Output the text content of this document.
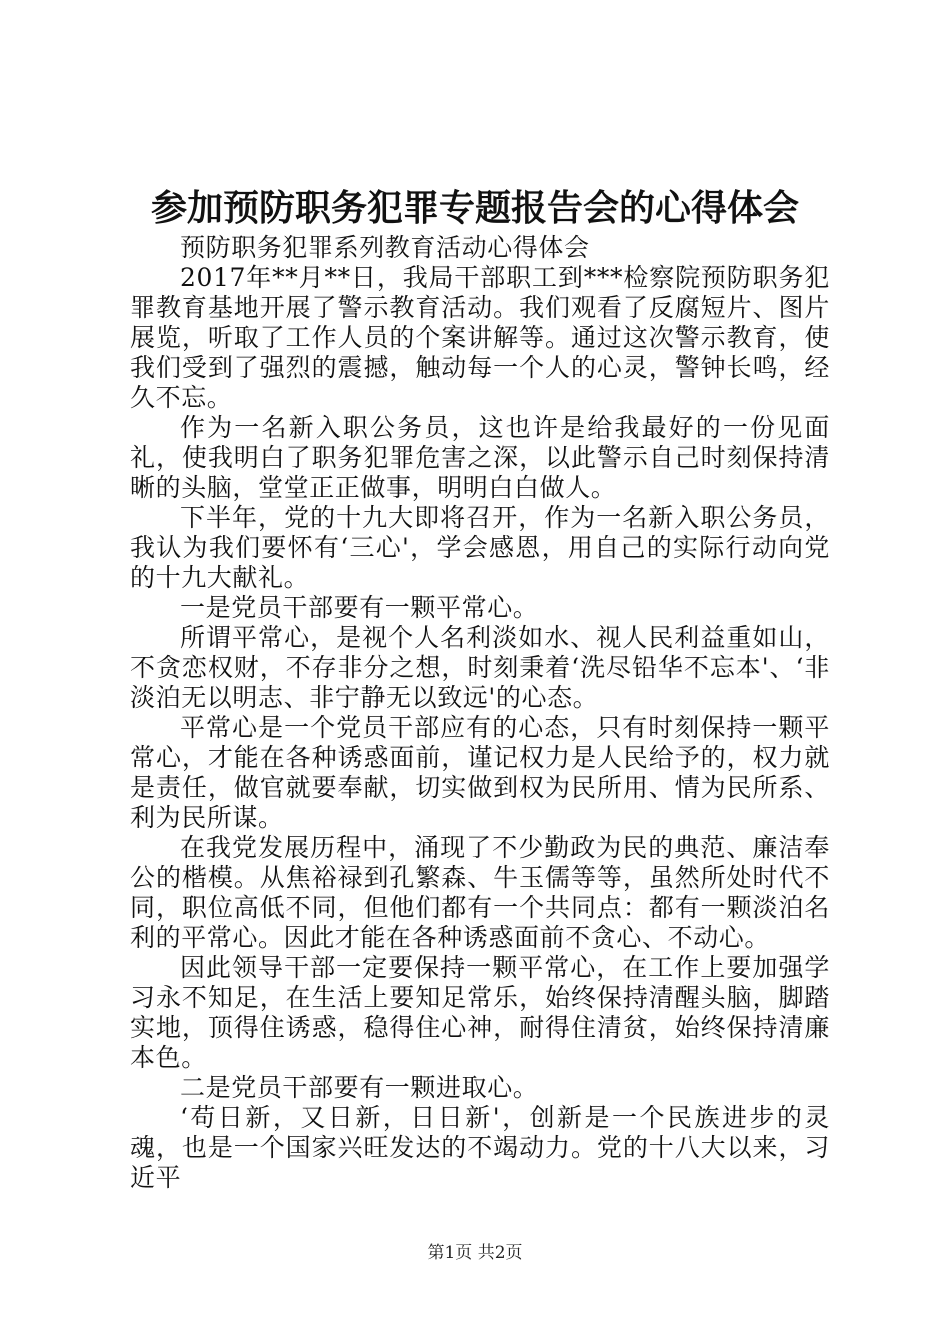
参加预防职务犯罪专题报告会的心得体会

预防职务犯罪系列教育活动心得体会

2017年**月**日，我局干部职工到***检察院预防职务犯罪教育基地开展了警示教育活动。我们观看了反腐短片、图片展览，听取了工作人员的个案讲解等。通过这次警示教育，使我们受到了强烈的震撼，触动每一个人的心灵，警钟长鸣，经久不忘。

作为一名新入职公务员，这也许是给我最好的一份见面礼，使我明白了职务犯罪危害之深，以此警示自己时刻保持清晰的头脑，堂堂正正做事，明明白白做人。

下半年，党的十九大即将召开，作为一名新入职公务员，我认为我们要怀有‘三心'，学会感恩，用自己的实际行动向党的十九大献礼。

一是党员干部要有一颗平常心。

所谓平常心，是视个人名利淡如水、视人民利益重如山，不贪恋权财，不存非分之想，时刻秉着‘洗尽铅华不忘本'、‘非淡泊无以明志、非宁静无以致远'的心态。

平常心是一个党员干部应有的心态，只有时刻保持一颗平常心，才能在各种诱惑面前，谨记权力是人民给予的，权力就是责任，做官就要奉献，切实做到权为民所用、情为民所系、利为民所谋。

在我党发展历程中，涌现了不少勤政为民的典范、廉洁奉公的楷模。从焦裕禄到孔繁森、牛玉儒等等，虽然所处时代不同，职位高低不同，但他们都有一个共同点：都有一颗淡泊名利的平常心。因此才能在各种诱惑面前不贪心、不动心。

因此领导干部一定要保持一颗平常心，在工作上要加强学习永不知足，在生活上要知足常乐，始终保持清醒头脑，脚踏实地，顶得住诱惑，稳得住心神，耐得住清贫，始终保持清廉本色。

二是党员干部要有一颗进取心。

‘苟日新，又日新，日日新'，创新是一个民族进步的灵魂，也是一个国家兴旺发达的不竭动力。党的十八大以来，习近平

第1页 共2页
